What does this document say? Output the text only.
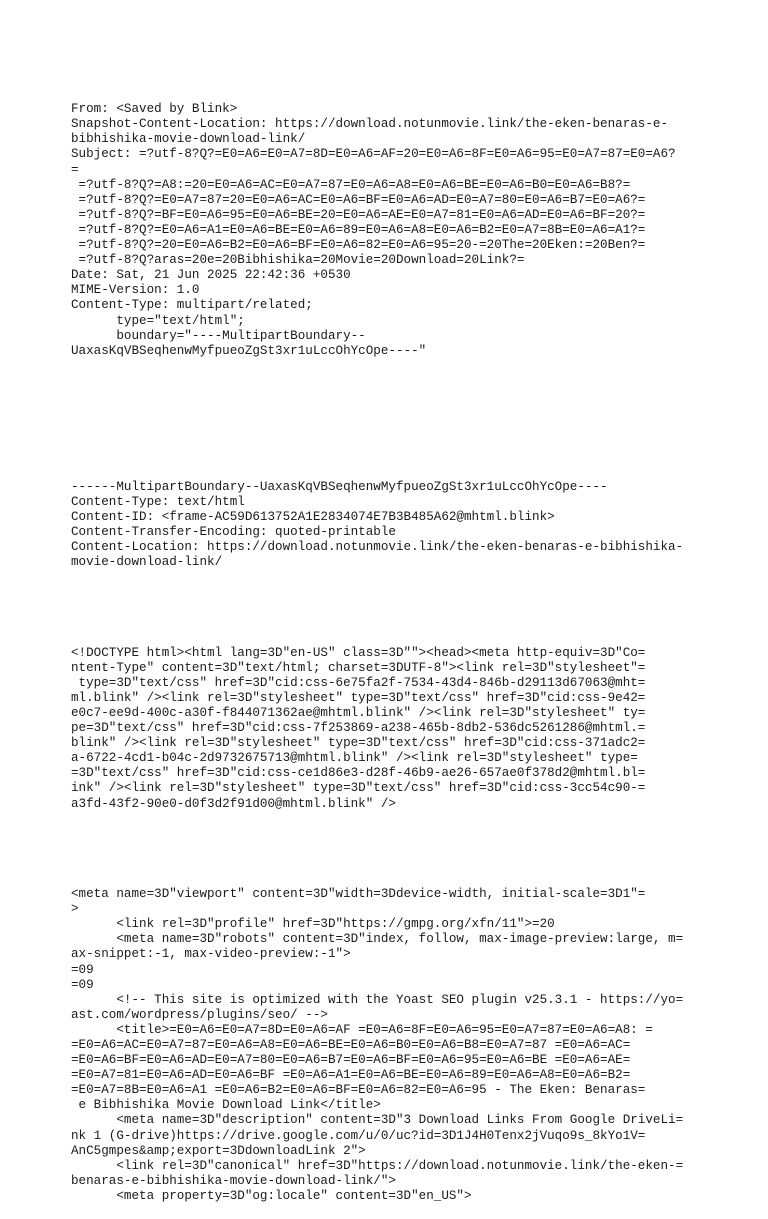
From: <Saved by Blink>
Snapshot-Content-Location: https://download.notunmovie.link/the-eken-benaras-e-
bibhishika-movie-download-link/
Subject: =?utf-8?Q?=E0=A6=E0=A7=8D=E0=A6=AF=20=E0=A6=8F=E0=A6=95=E0=A7=87=E0=A6?
=
=?utf-8?Q?=A8:=20=E0=A6=AC=E0=A7=87=E0=A6=A8=E0=A6=BE=E0=A6=B0=E0=A6=B8?=
=?utf-8?Q?=E0=A7=87=20=E0=A6=AC=E0=A6=BF=E0=A6=AD=E0=A7=80=E0=A6=B7=E0=A6?=
=?utf-8?Q?=BF=E0=A6=95=E0=A6=BE=20=E0=A6=AE=E0=A7=81=E0=A6=AD=E0=A6=BF=20?=
=?utf-8?Q?=E0=A6=A1=E0=A6=BE=E0=A6=89=E0=A6=A8=E0=A6=B2=E0=A7=8B=E0=A6=A1?=
=?utf-8?Q?=20=E0=A6=B2=E0=A6=BF=E0=A6=82=E0=A6=95=20-=20The=20Eken:=20Ben?=
=?utf-8?Q?aras=20e=20Bibhishika=20Movie=20Download=20Link?=
Date: Sat, 21 Jun 2025 22:42:36 +0530
MIME-Version: 1.0
Content-Type: multipart/related;
type="text/html";
boundary="----MultipartBoundary--
UaxasKqVBSeqhenwMyfpueoZgSt3xr1uLccOhYcOpe----"

------MultipartBoundary--UaxasKqVBSeqhenwMyfpueoZgSt3xr1uLccOhYcOpe----
Content-Type: text/html
Content-ID: <frame-AC59D613752A1E2834074E7B3B485A62@mhtml.blink>
Content-Transfer-Encoding: quoted-printable
Content-Location: https://download.notunmovie.link/the-eken-benaras-e-bibhishika-
movie-download-link/

<!DOCTYPE html><html lang=3D"en-US" class=3D""><head><meta http-equiv=3D"Co=
ntent-Type" content=3D"text/html; charset=3DUTF-8"><link rel=3D"stylesheet"=
type=3D"text/css" href=3D"cid:css-6e75fa2f-7534-43d4-846b-d29113d67063@mht=
ml.blink" /><link rel=3D"stylesheet" type=3D"text/css" href=3D"cid:css-9e42=
e0c7-ee9d-400c-a30f-f844071362ae@mhtml.blink" /><link rel=3D"stylesheet" ty=
pe=3D"text/css" href=3D"cid:css-7f253869-a238-465b-8db2-536dc5261286@mhtml.=
blink" /><link rel=3D"stylesheet" type=3D"text/css" href=3D"cid:css-371adc2=
a-6722-4cd1-b04c-2d9732675713@mhtml.blink" /><link rel=3D"stylesheet" type=
=3D"text/css" href=3D"cid:css-ce1d86e3-d28f-46b9-ae26-657ae0f378d2@mhtml.bl=
ink" /><link rel=3D"stylesheet" type=3D"text/css" href=3D"cid:css-3cc54c90-=
a3fd-43f2-90e0-d0f3d2f91d00@mhtml.blink" />

<meta name=3D"viewport" content=3D"width=3Ddevice-width, initial-scale=3D1"=
>
<link rel=3D"profile" href=3D"https://gmpg.org/xfn/11">=20
<meta name=3D"robots" content=3D"index, follow, max-image-preview:large, m=
ax-snippet:-1, max-video-preview:-1">
=09
=09
<!-- This site is optimized with the Yoast SEO plugin v25.3.1 - https://yo=
ast.com/wordpress/plugins/seo/ -->
<title>=E0=A6=E0=A7=8D=E0=A6=AF =E0=A6=8F=E0=A6=95=E0=A7=87=E0=A6=A8: =
=E0=A6=AC=E0=A7=87=E0=A6=A8=E0=A6=BE=E0=A6=B0=E0=A6=B8=E0=A7=87 =E0=A6=AC=
=E0=A6=BF=E0=A6=AD=E0=A7=80=E0=A6=B7=E0=A6=BF=E0=A6=95=E0=A6=BE =E0=A6=AE=
=E0=A7=81=E0=A6=AD=E0=A6=BF =E0=A6=A1=E0=A6=BE=E0=A6=89=E0=A6=A8=E0=A6=B2=
=E0=A7=8B=E0=A6=A1 =E0=A6=B2=E0=A6=BF=E0=A6=82=E0=A6=95 - The Eken: Benaras=
e Bibhishika Movie Download Link</title>
<meta name=3D"description" content=3D"3 Download Links From Google DriveLi=
nk 1 (G-drive)https://drive.google.com/u/0/uc?id=3D1J4H0Tenx2jVuqo9s_8kYo1V=
AnC5gmpes&amp;export=3DdownloadLink 2">
<link rel=3D"canonical" href=3D"https://download.notunmovie.link/the-eken-=
benaras-e-bibhishika-movie-download-link/">
<meta property=3D"og:locale" content=3D"en_US">
